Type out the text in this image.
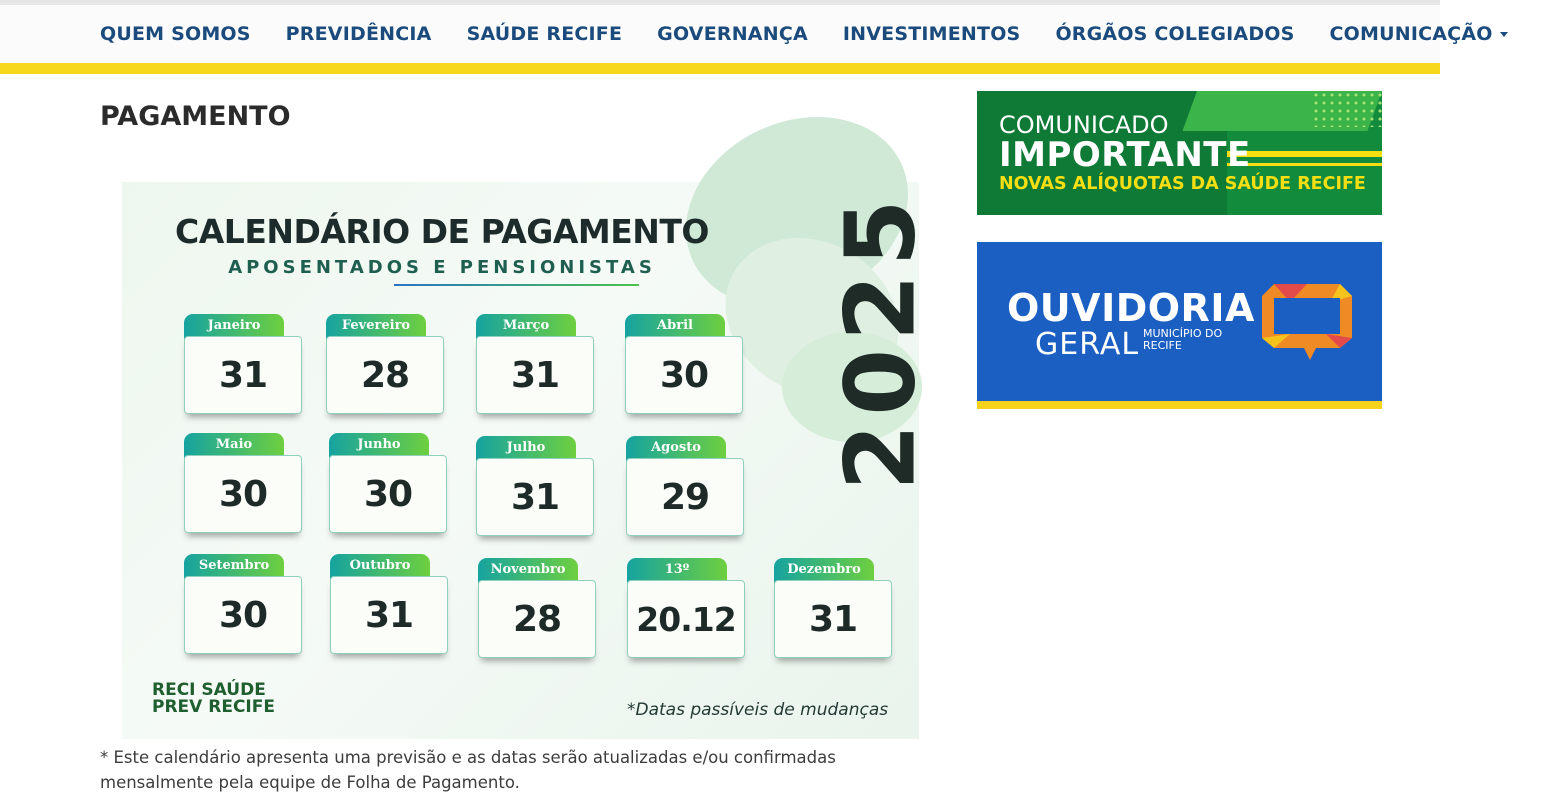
QUEM SOMOS PREVIDÊNCIA SAÚDE RECIFE GOVERNANÇA INVESTIMENTOS ÓRGÃOS COLEGIADOS COMUNICAÇÃO
PAGAMENTO
CALENDÁRIO DE PAGAMENTO
APOSENTADOS E PENSIONISTAS	2025
Janeiro
31
Fevereiro
28
Março
31
Abril
30
Maio
30
Junho
30
Julho
31
Agosto
29
Setembro
30
Outubro
31
Novembro
28
13º
20.12
Dezembro
31
RECI SAÚDE
PREV RECIFE	*Datas passíveis de mudanças

* Este calendário apresenta uma previsão e as datas serão atualizadas e/ou confirmadas mensalmente pela equipe de Folha de Pagamento.

COMUNICADO
IMPORTANTE
NOVAS ALÍQUOTAS DA SAÚDE RECIFE
OUVIDORIA
GERAL MUNICÍPIO DO RECIFE
